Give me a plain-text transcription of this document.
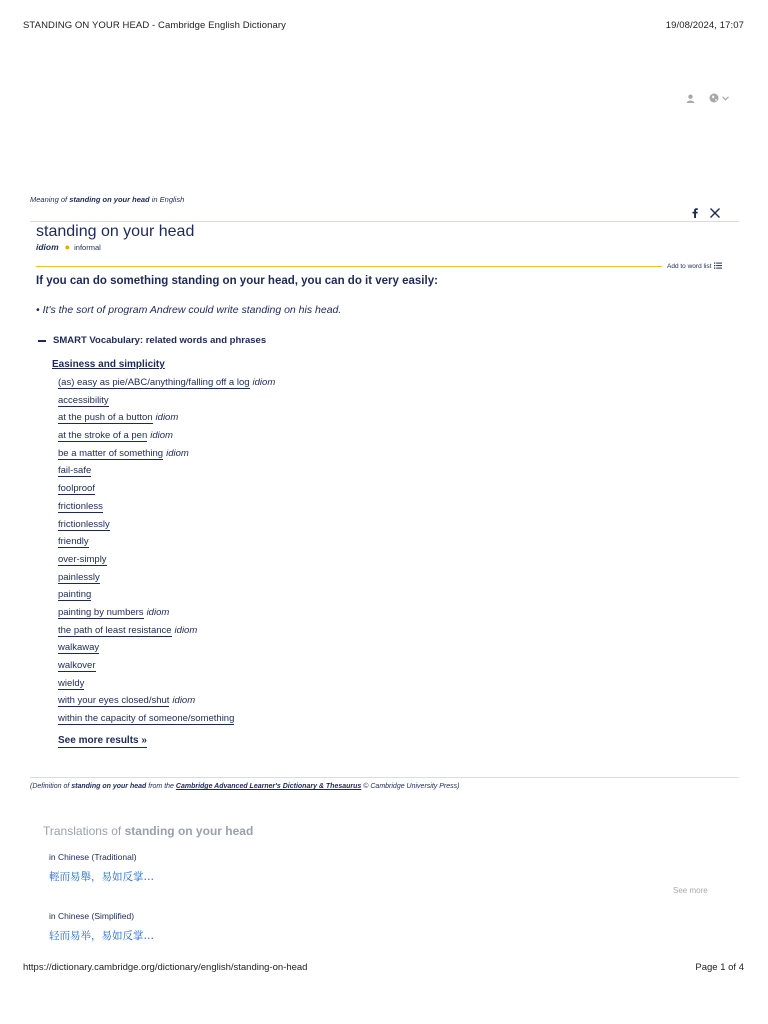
STANDING ON YOUR HEAD - Cambridge English Dictionary	19/08/2024, 17:07
Meaning of standing on your head in English
standing on your head
idiom ● informal
Add to word list
If you can do something standing on your head, you can do it very easily:
• It's the sort of program Andrew could write standing on his head.
SMART Vocabulary: related words and phrases
Easiness and simplicity
(as) easy as pie/ABC/anything/falling off a log idiom
accessibility
at the push of a button idiom
at the stroke of a pen idiom
be a matter of something idiom
fail-safe
foolproof
frictionless
frictionlessly
friendly
over-simply
painlessly
painting
painting by numbers idiom
the path of least resistance idiom
walkaway
walkover
wieldy
with your eyes closed/shut idiom
within the capacity of someone/something
See more results »
(Definition of standing on your head from the Cambridge Advanced Learner's Dictionary & Thesaurus © Cambridge University Press)
Translations of standing on your head
in Chinese (Traditional)
輕而易舉，易如反掌…
See more
in Chinese (Simplified)
轻而易举，易如反掌…
https://dictionary.cambridge.org/dictionary/english/standing-on-head	Page 1 of 4
